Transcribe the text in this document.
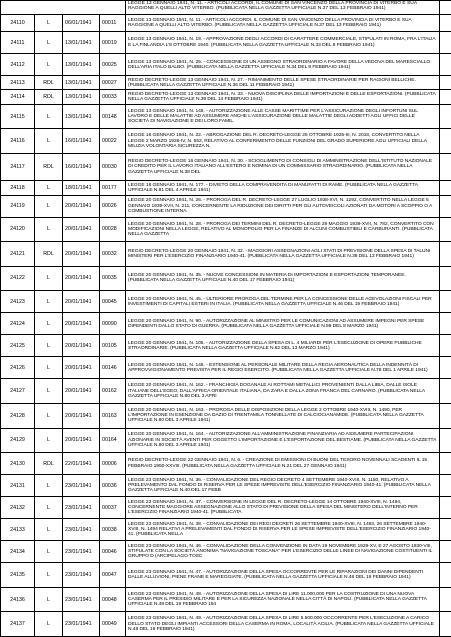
				LEGGE 13 GENNAIO 1941, N. 11. - ARTICOLI ACCORDI, IL COMUNE DI SAN VINCENZO DELLA PROVINCIA DI VITERBO E SUA RAGGIONE A QUELLI ALTO VITERBO. (PUBBLICATA NELLA GAZZETTA UFFICIALE N.37 DEL 13 FEBBRAIO 1941)	
24110	L	06/01/1941	00011	LEGGE 13 GENNAIO 1941, N. 11. - ARTICOLI ACCORDI, IL COMUNE DI SAN VINCENZO DELLA PROVINCIA DI VITERBO E SUA RAGGIONE A QUELLI ALTO VITERBO. (PUBBLICATA NELLA GAZZETTA UFFICIALE N.37 DEL 13 FEBBRAIO 1941)	
24111	L	13/01/1941	00019	LEGGE 13 GENNAIO 1941, N. 19. - APPROVAZIONE DEGLI ACCORDI DI CARATTERE COMMERCIALE, STIPULATI IN ROMA, FRA L'ITALIA E LA FINLANDIA L'8 OTTOBRE 1940. (PUBBLICATA NELLA GAZZETTA UFFICIALE N.33 DEL 8 FEBBRAIO 1941)	
24112	L	13/01/1941	00025	LEGGE 13 GENNAIO 1941, N. 25. - CONCESSIONE DI UN ASSEGNO STRAORDINARIO A FAVORE DELLA VEDOVA DEL MARESCIALLO DELL'ARIA ITALO BALBO. (PUBBLICATA NELLA GAZZETTA UFFICIALE N.34 DEL 8 FEBBRAIO 1941)	
24113	RDL	13/01/1941	00027	REGIO DECRETO-LEGGE 13 GENNAIO 1941, N. 27. - RIMANIMENTO DELLE SPESE STRAORDINARIE PER RAGIONI BELLICHE. (PUBBLICATA NELLA GAZZETTA UFFICIALE N.36 DEL 11 FEBBRAIO 1941)	
24114	RDL	13/01/1941	00033	REGIO DECRETO-LEGGE 13 GENNAIO 1941, N. 33. - NUOVA DISCIPLINA DELLE IMPORTAZIONI E DELLE ESPORTAZIONI. (PUBBLICATA NELLA GAZZETTA UFFICIALE N.39 DEL 14 FEBBRAIO 1941)	
24115	L	13/01/1941	00148	LEGGE 13 GENNAIO 1941, N. 148. - AUTORIZZAZIONE ALLE CASSE MARITTIME PER L'ASSICURAZIONE DEGLI INFORTUNI SUL LAVORO E DELLE MALATTIE AD ASSUMERE ANCHE L'ASSICURAZIONE DELLE MALATTIE DEGLI ADDETTI AGLI UFFICI DELLE SOCIETÀ DI NAVIGAZIONE E DEI LORO FAMIL.	
24116	L	16/01/1941	00022	LEGGE 16 GENNAIO 1941, N. 22. - ABROGAZIONE DEL R. DECRETO-LEGGE 25 OTTOBRE 1925-III, N. 2018, CONVERTITO NELLA LEGGE 2 MARZO 1926-IV, N. 552, RELATIVO AL CONFERIMENTO DELLE FUNZIONI DEL GRADO SUPERIORE AGLI UFFICIALI DELLA MILIZIA VOLONTARIA SICUREZZA N.	
24117	RDL	16/01/1941	00030	REGIO DECRETO-LEGGE 16 GENNAIO 1941, N. 30. - SCIOGLIMENTO DI CONSIGLI DI AMMINISTRAZIONE DELL'ISTITUTO NAZIONALE DI CREDITO PER IL LAVORO ITALIANO ALL'ESTERO E NOMINA DI UN COMMISSARIO STRAORDINARIO. (PUBBLICATA NELLA GAZZETTA UFFICIALE N.38 DEL	
24118	L	18/01/1941	00177	LEGGE 18 GENNAIO 1941, N. 177. - DIVIETO DELLA COMPRAVENDITA DI MANUFATTI DI RAME. (PUBBLICATA NELLA GAZZETTA UFFICIALE N.81 DEL 4 APRILE 1941)	
24119	L	20/01/1941	00026	LEGGE 20 GENNAIO 1941, N. 26. - PROROGA DEL R. DECRETO-LEGGE 27 LUGLIO 1938-XVI, N. 1292, CONVERTITO NELLA LEGGE 5 GENNAIO 1939-XVII, N. 211, CONCERNENTE LA RIDUZIONE DEI DIRITTI PER GLI AUTOVEICOLI AZIONATI DA MOTORI A SCOPPIO O A COMBUSTIONE INTERNA.	
24120	L	20/01/1941	00028	LEGGE 20 GENNAIO 1941, N. 28. - PROROGA DEI TERMINI DEL R. DECRETO-LEGGE 29 MAGGIO 1939-XVII, N. 782, CONVERTITO CON MODIFICAZIONI NELLA LEGGE, RELATIVO AL MONOPOLIO PER LA FINANZE DI ALCUNI COMBUSTIBILI E CARBURANTI. (PUBBLICATA NELLA GAZZETTA	
24121	RDL	20/01/1941	00032	REGIO DECRETO-LEGGE 20 GENNAIO 1941, N. 32. - MAGGIORI ASSEGNAZIONI AGLI STATI DI PREVISIONE DELLA SPESA DI TALUNI MINISTERI PER L'ESERCIZIO FINANZIARIO 1940-41. (PUBBLICATA NELLA GAZZETTA UFFICIALE N.38 DEL 13 FEBBRAIO 1941)	
24122	L	20/01/1941	00035	LEGGE 20 GENNAIO 1941, N. 35. - NUOVE CONCESSIONI IN MATERIA DI IMPORTAZIONI E ESPORTAZIONI TEMPORANEE. (PUBBLICATA NELLA GAZZETTA UFFICIALE N.40 DEL 17 FEBBRAIO 1941)	
24123	L	20/01/1941	00045	LEGGE 20 GENNAIO 1941, N. 45. - ULTERIORE PROROGA DEL TERMINE PER LA CONCESSIONE DELLE AGEVOLAZIONI FISCALI PER INVESTIMENTI DI CAPITALI ESTERI IN ITALIA. (PUBBLICATA NELLA GAZZETTA UFFICIALE N.46 DEL 19 FEBBRAIO 1941)	
24124	L	20/01/1941	00090	LEGGE 20 GENNAIO 1941, N. 90. - AUTORIZZAZIONE AL MINISTRO PER LE COMUNICAZIONI AD ASSUMERE IMPEGNI PER SPESE DIPENDENTI DALLO STATO DI GUERRA. (PUBBLICATA NELLA GAZZETTA UFFICIALE N.59 DEL 8 MARZO 1941)	
24125	L	20/01/1941	00105	LEGGE 20 GENNAIO 1941, N. 105. - AUTORIZZAZIONE DELLA SPESA DI L. 4 MILIARDI PER L'ESECUZIONE DI OPERE PUBBLICHE STRAORDINARIE. (PUBBLICATA NELLA GAZZETTA UFFICIALE N.62 DEL 13 MARZO 1941)	
24126	L	20/01/1941	00146	LEGGE 20 GENNAIO 1941, N. 146. - ESTENSIONE AL PERSONALE MILITARE DELLA REGIA AERONAUTICA DELLA INDENNITÀ DI APPROVVIGIONAMENTO PREVISTA PER IL REGIO ESERCITO. (PUBBLICATA NELLA GAZZETTA UFFICIALE N.78 DEL 1 APRILE 1941)	
24127	L	20/01/1941	00162	LEGGE 20 GENNAIO 1941, N. 162. - FRANCHIGIA DOGANALE AI ROTTAMI METALLICI PROVENIENTI DALLA LIBIA, DALLE ISOLE ITALIANE DELL'EGEO, DALL'AFRICA ORIENTALE ITALIANA, DA ZARA E DALLA ZONA FRANCA DEL CARNARO. (PUBBLICATA NELLA GAZZETTA UFFICIALE N.80 DEL 3 APRI	
24128	L	20/01/1941	00163	LEGGE 20 GENNAIO 1941, N. 163. - PROROGA DELLE DISPOSIZIONI DELLA LEGGE 2 OTTOBRE 1940-XVIII, N. 1490, PER L'IMPORTAZIONE IN ESENZIONE DA DAZIO DI TRENTAMILA TONNELLATE DI CALCIOCIANAMIDE. (PUBBLICATA NELLA GAZZETTA UFFICIALE N.80 DEL 3 APRILE 1941)	
24129	L	20/01/1941	00164	LEGGE 20 GENNAIO 1941, N. 164. - AUTORIZZAZIONE ALL'AMMINISTRAZIONE FINANZIARIA AD ASSUMERE PARTECIPAZIONI AZIONARIE IN SOCIETÀ AVENTI PER OGGETTO L'IMPORTAZIONE E L'ESPORTAZIONE DEL BESTIAME. (PUBBLICATA NELLA GAZZETTA UFFICIALE N.80 DEL 3 APRILE 1941)	
24130	RDL	22/01/1941	00006	REGIO DECRETO-LEGGE 22 GENNAIO 1941, N. 6. - CREAZIONE DI EMISSIONI DI BUONI DEL TESORO NOVENNALI SCADENTI IL 15 FEBBRAIO 1950-XXVIII. (PUBBLICATA NELLA GAZZETTA UFFICIALE N.21 DEL 27 GENNAIO 1941)	
24131	L	23/01/1941	00036	LEGGE 23 GENNAIO 1941, N. 36. - CONVALIDAZIONE DEL REGIO DECRETO 4 SETTEMBRE 1940-XVIII, N. 1150, RELATIVO A PRELEVAMENTO DAL FONDO DI RISERVA PER LE SPESE IMPREVISTE DELL'ESERCIZIO FINANZIARIO 1940-41. (PUBBLICATA NELLA GAZZETTA UFFICIALE N.40 DEL 17 FEBB	
24132	L	23/01/1941	00037	LEGGE 23 GENNAIO 1941, N. 37. - CONVERSIONE IN LEGGE DEL R. DECRETO-LEGGE 14 OTTOBRE 1940-XVIII, N. 1494, CONCERNENTE MAGGIORE ASSEGNAZIONE ALLO STATO DI PREVISIONE DELLA SPESA DEL MINISTERO DELL'INTERNO PER L'ESERCIZIO FINANZIARIO 1940-41. (PUBBLICATA	
24133	L	23/01/1941	00038	LEGGE 23 GENNAIO 1941, N. 38. - CONVALIDAZIONE DEI REGI DECRETI 26 SETTEMBRE 1940-XVIII, N. 1493, 26 SETTEMBRE 1940-XVIII, N. 1494 RELATIVI A PRELEVAMENTI DAL FONDO DI RISERVA PER LE SPESE IMPREVISTE DELL'ESERCIZIO FINANZIARIO 1940-41. (PUBBLICATA NELLA	
24134	L	23/01/1941	00046	LEGGE 23 GENNAIO 1941, N. 46. - CONVALIDAZIONE DELLA CONVENZIONE IN DATA 19 NOVEMBRE 1929-XV, E 27 AGOSTO 1930-VIII, STIPULATE CON LA SOCIETÀ ANONIMA "NAVIGAZIONE TOSCANA" PER L'ESERCIZIO DELLE LINEE DI NAVIGAZIONE COSTITUENTI IL GRUPPO D (ARCIPELAGO TOSC	
24135	L	23/01/1941	00047	LEGGE 23 GENNAIO 1941, N. 47. - AUTORIZZAZIONE DELLA SPESA OCCORRENTE PER LE RIPARAZIONI DEI DANNI DIPENDENTI DALLE ALLUVIONI, PIENE FRANE E MAREGGIATE. (PUBBLICATA NELLA GAZZETTA UFFICIALE N.48 DEL 19 FEBBRAIO 1941)	
24136	L	23/01/1941	00048	LEGGE 23 GENNAIO 1941, N. 48. - AUTORIZZAZIONE DELLA SPESA DI LIRE 11.000.000 PER LA COSTRUZIONE DI UNA NUOVA CASERMA PER IL PRESIDIO MILITARE E PER LA SICUREZZA NAZIONALE NELLA CITTÀ DI NAPOLI. (PUBBLICATA NELLA GAZZETTA UFFICIALE N.48 DEL 19 FEBBRAIO 194	
24137	L	23/01/1941	00049	LEGGE 23 GENNAIO 1941, N. 49. - AUTORIZZAZIONE DELLA SPESA DI LIRE 5.500.000 OCCORRENTE PER L'ESECUZIONE A CARICO DELLO STATO DEGLI IMPIANTI ACCESSORI DELLA CASERMA IN ROMA, LOCALITÀ ACILIA. (PUBBLICATA NELLA GAZZETTA UFFICIALE N.48 DEL 19 FEBBRAIO 1941)	
